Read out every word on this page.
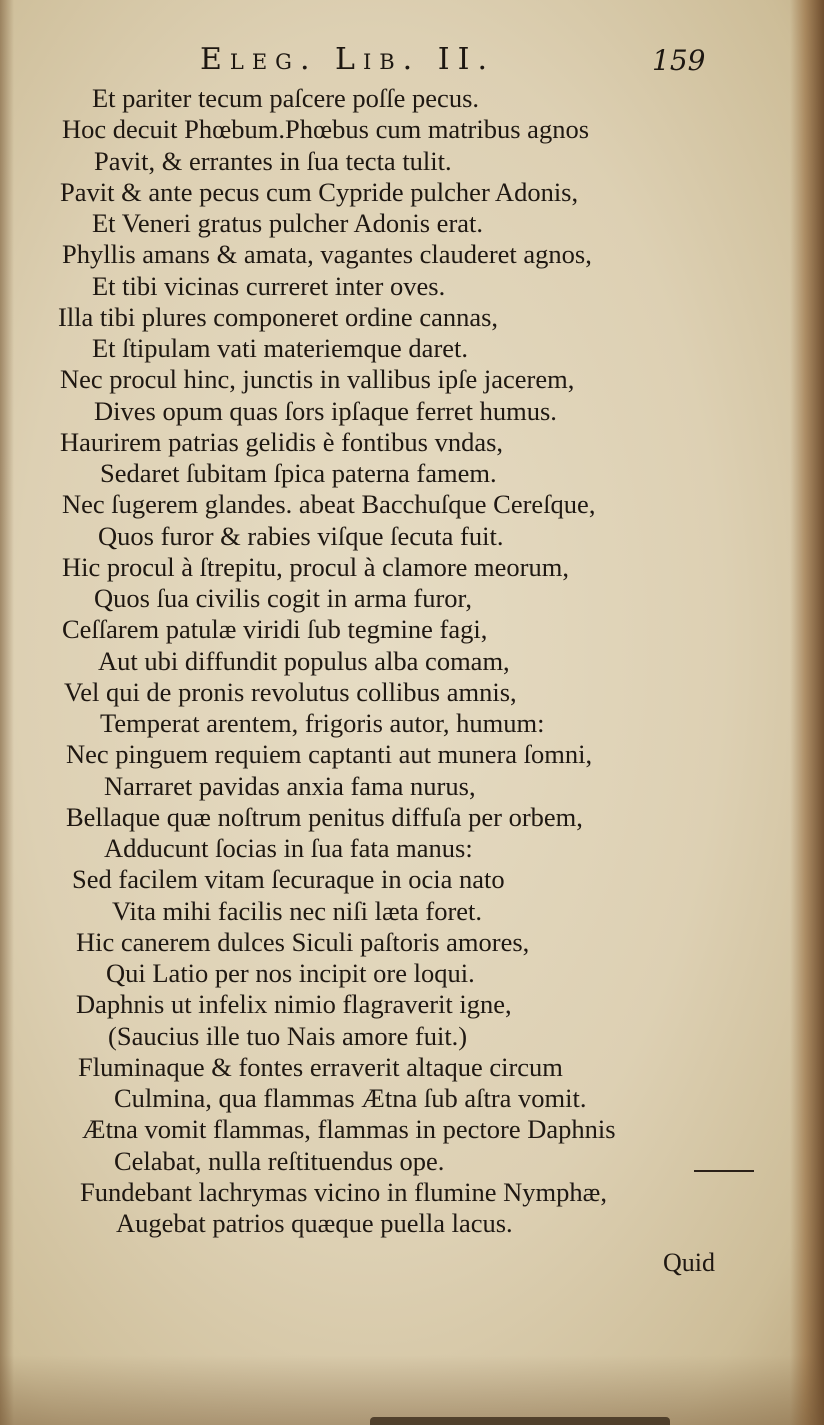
Eleg. Lib. II.	159
Et pariter tecum paſcere poſſe pecus.
Hoc decuit Phœbum.Phœbus cum matribus agnos
Pavit, & errantes in ſua tecta tulit.
Pavit & ante pecus cum Cypride pulcher Adonis,
Et Veneri gratus pulcher Adonis erat.
Phyllis amans & amata, vagantes clauderet agnos,
Et tibi vicinas curreret inter oves.
Illa tibi plures componeret ordine cannas,
Et ſtipulam vati materiemque daret.
Nec procul hinc, junctis in vallibus ipſe jacerem,
Dives opum quas ſors ipſaque ferret humus.
Haurirem patrias gelidis è fontibus vndas,
Sedaret ſubitam ſpica paterna famem.
Nec ſugerem glandes. abeat Bacchuſque Cereſque,
Quos furor & rabies viſque ſecuta fuit.
Hic procul à ſtrepitu, procul à clamore meorum,
Quos ſua civilis cogit in arma furor,
Ceſſarem patulæ viridi ſub tegmine fagi,
Aut ubi diffundit populus alba comam,
Vel qui de pronis revolutus collibus amnis,
Temperat arentem, frigoris autor, humum:
Nec pinguem requiem captanti aut munera ſomni,
Narraret pavidas anxia fama nurus,
Bellaque quæ noſtrum penitus diffuſa per orbem,
Adducunt ſocias in ſua fata manus:
Sed facilem vitam ſecuraque in ocia nato
Vita mihi facilis nec niſi læta foret.
Hic canerem dulces Siculi paſtoris amores,
Qui Latio per nos incipit ore loqui.
Daphnis ut infelix nimio flagraverit igne,
(Saucius ille tuo Nais amore fuit.)
Fluminaque & fontes erraverit altaque circum
Culmina, qua flammas Ætna ſub aſtra vomit.
Ætna vomit flammas, flammas in pectore Daphnis
Celabat, nulla reſtituendus ope.
Fundebant lachrymas vicino in flumine Nymphæ,
Augebat patrios quæque puella lacus.
Quid
